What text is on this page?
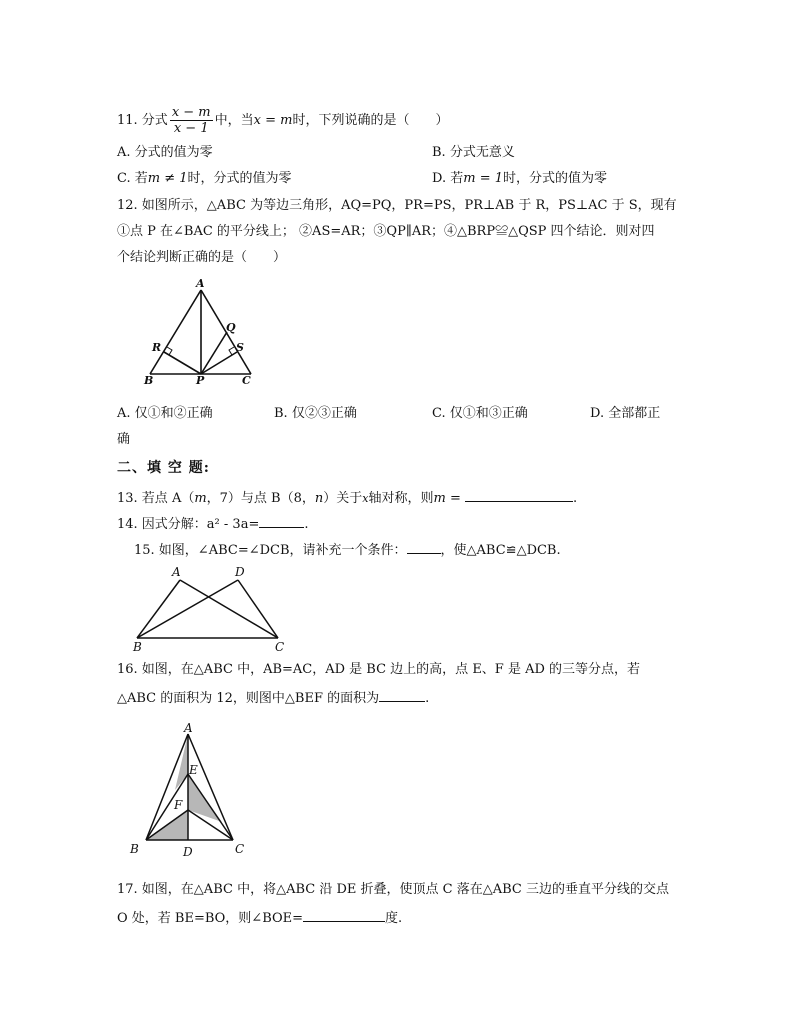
11. 分式 $\frac{x - m}{x - 1}$ 中，当x = m时，下列说确的是（　　）
A. 分式的值为零	B. 分式无意义
C. 若m ≠ 1时，分式的值为零	D. 若m = 1时，分式的值为零
12. 如图所示，△ABC 为等边三角形，AQ=PQ，PR=PS，PR⊥AB 于 R，PS⊥AC 于 S，现有
①点 P 在∠BAC 的平分线上； ②AS=AR；③QP∥AR；④△BRP≌△QSP 四个结论．则对四
个结论判断正确的是（　　）
A
B	C
P
Q
R	S
A. 仅①和②正确	B. 仅②③正确	C. 仅①和③正确	D. 全部都正
确
二、填 空 题:
13. 若点 A（m，7）与点 B（8，n）关于x轴对称，则m =	.
14. 因式分解：a² - 3a=	.
15. 如图，∠ABC=∠DCB，请补充一个条件：	，使△ABC≌△DCB.
A	D
B	C
16. 如图，在△ABC 中，AB=AC，AD 是 BC 边上的高，点 E、F 是 AD 的三等分点，若
△ABC 的面积为 12，则图中△BEF 的面积为	.
A
E
F
B	D	C
17. 如图，在△ABC 中，将△ABC 沿 DE 折叠，使顶点 C 落在△ABC 三边的垂直平分线的交点
O 处，若 BE=BO，则∠BOE=	度.
